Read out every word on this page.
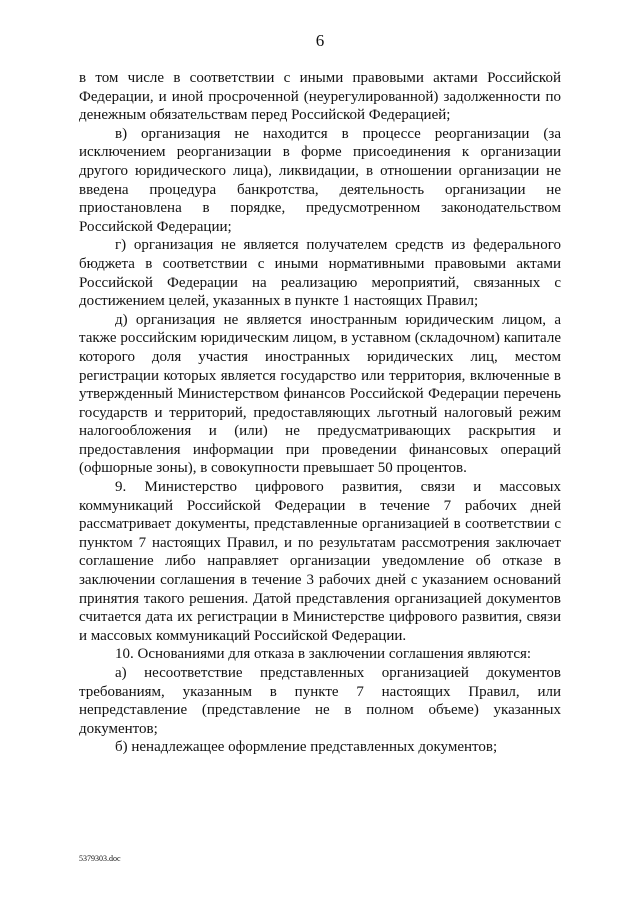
6

в том числе в соответствии с иными правовыми актами Российской Федерации, и иной просроченной (неурегулированной) задолженности по денежным обязательствам перед Российской Федерацией;

в) организация не находится в процессе реорганизации (за исключением реорганизации в форме присоединения к организации другого юридического лица), ликвидации, в отношении организации не введена процедура банкротства, деятельность организации не приостановлена в порядке, предусмотренном законодательством Российской Федерации;

г) организация не является получателем средств из федерального бюджета в соответствии с иными нормативными правовыми актами Российской Федерации на реализацию мероприятий, связанных с достижением целей, указанных в пункте 1 настоящих Правил;

д) организация не является иностранным юридическим лицом, а также российским юридическим лицом, в уставном (складочном) капитале которого доля участия иностранных юридических лиц, местом регистрации которых является государство или территория, включенные в утвержденный Министерством финансов Российской Федерации перечень государств и территорий, предоставляющих льготный налоговый режим налогообложения и (или) не предусматривающих раскрытия и предоставления информации при проведении финансовых операций (офшорные зоны), в совокупности превышает 50 процентов.

9. Министерство цифрового развития, связи и массовых коммуникаций Российской Федерации в течение 7 рабочих дней рассматривает документы, представленные организацией в соответствии с пунктом 7 настоящих Правил, и по результатам рассмотрения заключает соглашение либо направляет организации уведомление об отказе в заключении соглашения в течение 3 рабочих дней с указанием оснований принятия такого решения. Датой представления организацией документов считается дата их регистрации в Министерстве цифрового развития, связи и массовых коммуникаций Российской Федерации.

10. Основаниями для отказа в заключении соглашения являются:

а) несоответствие представленных организацией документов требованиям, указанным в пункте 7 настоящих Правил, или непредставление (представление не в полном объеме) указанных документов;

б) ненадлежащее оформление представленных документов;

5379303.doc
